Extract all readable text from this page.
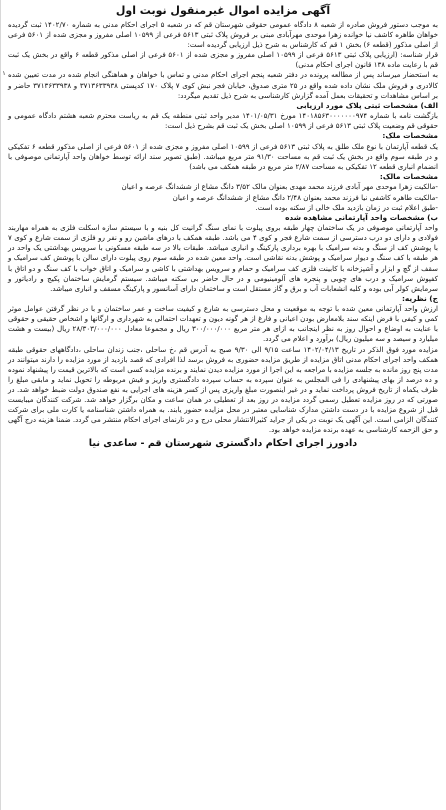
۱
آگهی مزایده اموال غیرمنقول نوبت اول

به موجب دستور فروش صادره از شعبه ۸ دادگاه عمومی حقوقی شهرستان قم که در شعبه ۵ اجرای احکام مدنی به شماره ۱۴۰۲/۷۰ ثبت گردیده خواهان طاهره کاشف نیا خوانده زهرا موحدی مهرآبادی مبنی بر فروش پلاک ثبتی ۵۶۱۳ فرعی از ۱۰۵۹۹ اصلی مفروز و مجزی شده از ۵۶۰۱ فرعی از اصلی مذکور (قطعه ۶) بخش ۱ قم که کارشناس به شرح ذیل ارزیابی گردیده است:

قرار شناسه: (ارزیابی پلاک ثبتی ۵۶۱۳ فرعی از ۱۰۵۹۹ اصلی مفروز و مجزی شده از ۵۶۰۱ فرعی از اصلی مذکور قطعه ۶ واقع در بخش یک ثبت قم با رعایت ماده ۱۳۸ قانون اجرای احکام مدنی)

به استحضار میرساند پس از مطالعه پرونده در دفتر شعبه پنجم اجرای احکام مدنی و تماس با خواهان و هماهنگی انجام شده در مدت تعیین شده کالادری و فروش ملک نشان داده شده واقع در ۲۵ متری صدوق، خیابان فجر نبش کوی ۷ پلاک ۱۷۰ کدپستی ۳۷۱۳۶۳۳۹۳۸ و ۳۷۱۳۶۳۳۹۳۸ حاضر و بر اساس مشاهدات و تحقیقات بعمل آمده گزارش کارشناسی به شرح ذیل تقدیم میگردد:

الف) مشخصات ثبتی پلاک مورد ارزیابی

بازگشت نامه با شماره ۱۴۰۱۸۵۶۳۰۰۰۰۰۰۰۹۷۴ مورخ ۱۴۰۱/۰۵/۳۱ مدیر واحد ثبتی منطقه یک قم به ریاست محترم شعبه هشتم دادگاه عمومی و حقوقی قم وضعیت پلاک ثبتی ۵۶۱۳ فرعی از ۱۰۵۹۹ اصلی بخش یک ثبت قم بشرح ذیل است:

مشخصات ملک:

یک قطعه آپارتمان با نوع ملک طلق به پلاک ثبتی ۵۶۱۳ فرعی از ۱۰۵۹۹ اصلی مفروز و مجزی شده از ۵۶۰۱ فرعی از اصلی مذکور قطعه ۶ تفکیکی و در طبقه سوم واقع در بخش یک ثبت قم به مساحت ۹۱/۳۰ متر مربع میباشد. (طبق تصویر سند ارائه توسط خواهان واحد آپارتمانی موصوفی با انضمام انباری قطعه ۱۲ تفکیکی به مساحت ۲/۸۷ متر مربع در طبقه همکف می باشد)

مشخصات مالک:

-مالکیت زهرا موحدی مهر آبادی فرزند محمد مهدی بعنوان مالک ۳/۵۲ دانگ مشاع از ششدانگ عرصه و اعیان

-مالکیت طاهره کاشفی نیا فرزند محمد بعنوان ۲/۴۸ دانگ مشاع از ششدانگ عرصه و اعیان

-طبق اعلام ثبت در زمان بازدید ملک خالی از سکنه بوده است.

ب) مشخصات واحد آپارتمانی مشاهده شده

واحد آپارتمانی موصوفی در یک ساختمان چهار طبقه بروی پیلوت با نمای سنگ گرانیت کل بنیه و با سیستم سازه اسکلت فلزی به همراه مهاربند فولادی و دارای دو درب دسترسی از سمت شارع فجر و کوی ۴ می باشد. طبقه همکف با درهای ماشین رو و نفر رو فلزی از سمت شارع و کوی ۷ با پوشش کف از سنگ و بدنه سرامیک با بهره برداری پارکینگ و انباری میباشد. طبقات بالا در سه طبقه مسکونی با سرویس بهداشتی یک واحد در هر طبقه با کف سنگ و دیوار سرامیک و پوشش بدنه نقاشی است. واحد معین شده در طبقه سوم روی پیلوت دارای سالن با پوشش کف سرامیک و سقف از گچ و ابزار و آشپزخانه با کابینت فلزی کف سرامیک و حمام و سرویس بهداشتی با کاشی و سرامیک و اتاق خواب با کف سنگ و دو اتاق با کفپوش سرامیک و درب های چوبی و پنجره های آلومینیومی و در حال حاضر بی سکنه میباشد. سیستم گرمایش ساختمان پکیج و رادیاتور و سرمایش کولر آبی بوده و کلیه انشعابات آب و برق و گاز مستقل است و ساختمان دارای آسانسور و پارکینگ مسقف و انباری میباشد.

ج) نظریه:

ارزش واحد آپارتمانی معین شده با توجه به موقعیت و محل دسترسی به شارع و کیفیت ساخت و عمر ساختمان و با در نظر گرفتن عوامل موثر کمی و کیفی با فرض اینکه سند بلامعارض بودن اعیانی و فارغ از هر گونه دیون و تعهدات احتمالی به شهرداری و ارگانها و اشخاص حقیقی و حقوقی با عنایت به اوضاع و احوال روز به نظر اینجانب به ازای هر متر مربع ۳۰۰/۰۰۰/۰۰۰ ریال و مجموعا معادل ۲۸/۳۰۳/۰۰۰/۰۰۰ ریال (بیست و هشت میلیارد و سیصد و سه میلیون ریال) برآورد و اعلام می گردد.

مزایده مورد فوق الذکر در تاریخ ۱۴۰۲/۰۴/۱۳ ساعت ۹/۱۵ الی ۹/۳۰ صبح به آدرس قم ،خ ساحلی ،جنب زندان ساحلی ،دادگاههای حقوقی طبقه همکف واحد اجرای احکام مدنی اتاق مزایده از طریق مزایده حضوری به فروش برسد لذا افرادی که قصد بازدید از مورد مزایده را دارند میتوانند در مدت پنج روز مانده به جلسه مزایده با مراجعه به این اجرا از مورد مزایده دیدن نمایند و برنده مزایده کسی است که بالاترین قیمت را پیشنهاد نموده و ده درصد از بهای پیشنهادی را فی المجلس به عنوان سپرده به حساب سپرده دادگستری واریز و فیش مربوطه را تحویل نماید و مابقی مبلغ را ظرف یکماه از تاریخ فروش پرداخت نماید و در غیر اینصورت مبلغ واریزی پس از کسر هزینه های اجرایی به نفع صندوق دولت ضبط خواهد شد. در صورتی که در روز مزایده تعطیل رسمی گردد مزایده در روز بعد از تعطیلی در همان ساعت و مکان برگزار خواهد شد. شرکت کنندگان میبایست قبل از شروع مزایده با در دست داشتن مدارک شناسایی معتبر در محل مزایده حضور یابند. به همراه داشتن شناسنامه یا کارت ملی برای شرکت کنندگان الزامی است. این آگهی یک نوبت در یکی از جراید کثیرالانتشار محلی درج و در تارنمای اجرای احکام منتشر می گردد. ضمنا هزینه درج آگهی و حق الزحمه کارشناسی به عهده برنده مزایده خواهد بود.

دادورز اجرای احکام دادگستری شهرستان قم - ساعدی نیا
